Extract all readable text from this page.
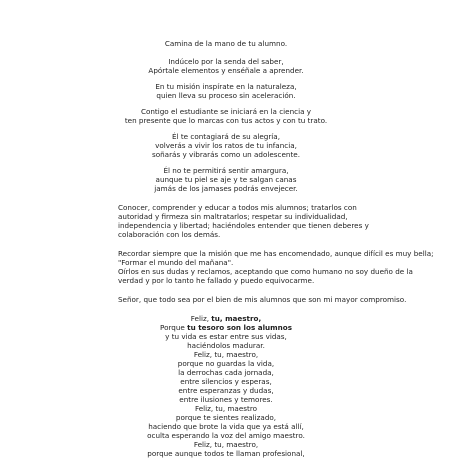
Camina de la mano de tu alumno.
Indúcelo por la senda del saber,
Apórtale elementos y enséñale a aprender.
En tu misión inspírate en la naturaleza,
quien lleva su proceso sin aceleración.
Contigo el estudiante se iniciará en la ciencia y
ten presente que lo marcas con tus actos y con tu trato.
Él te contagiará de su alegría,
volverás a vivir los ratos de tu infancia,
soñarás y vibrarás como un adolescente.
Él no te permitirá sentir amargura,
aunque tu piel se aje y te salgan canas
jamás de los jamases podrás envejecer.
Conocer, comprender y educar a todos mis alumnos; tratarlos con
autoridad y firmeza sin maltratarlos; respetar su individualidad,
independencia y libertad; haciéndoles entender que tienen deberes y
colaboración con los demás.
Recordar siempre que la misión que me has encomendado, aunque difícil es muy bella;
"Formar el mundo del mañana".
Oírlos en sus dudas y reclamos, aceptando que como humano no soy dueño de la
verdad y por lo tanto he fallado y puedo equivocarme.
Señor, que todo sea por el bien de mis alumnos que son mi mayor compromiso.
Feliz, tu, maestro,
Porque tu tesoro son los alumnos
y tu vida es estar entre sus vidas,
haciéndolos madurar.
Feliz, tu, maestro,
porque no guardas la vida,
la derrochas cada jornada,
entre silencios y esperas,
entre esperanzas y dudas,
entre ilusiones y temores.
Feliz, tu, maestro
porque te sientes realizado,
haciendo que brote la vida que ya está allí,
oculta esperando la voz del amigo maestro.
Feliz, tu, maestro,
porque aunque todos te llaman profesional,
